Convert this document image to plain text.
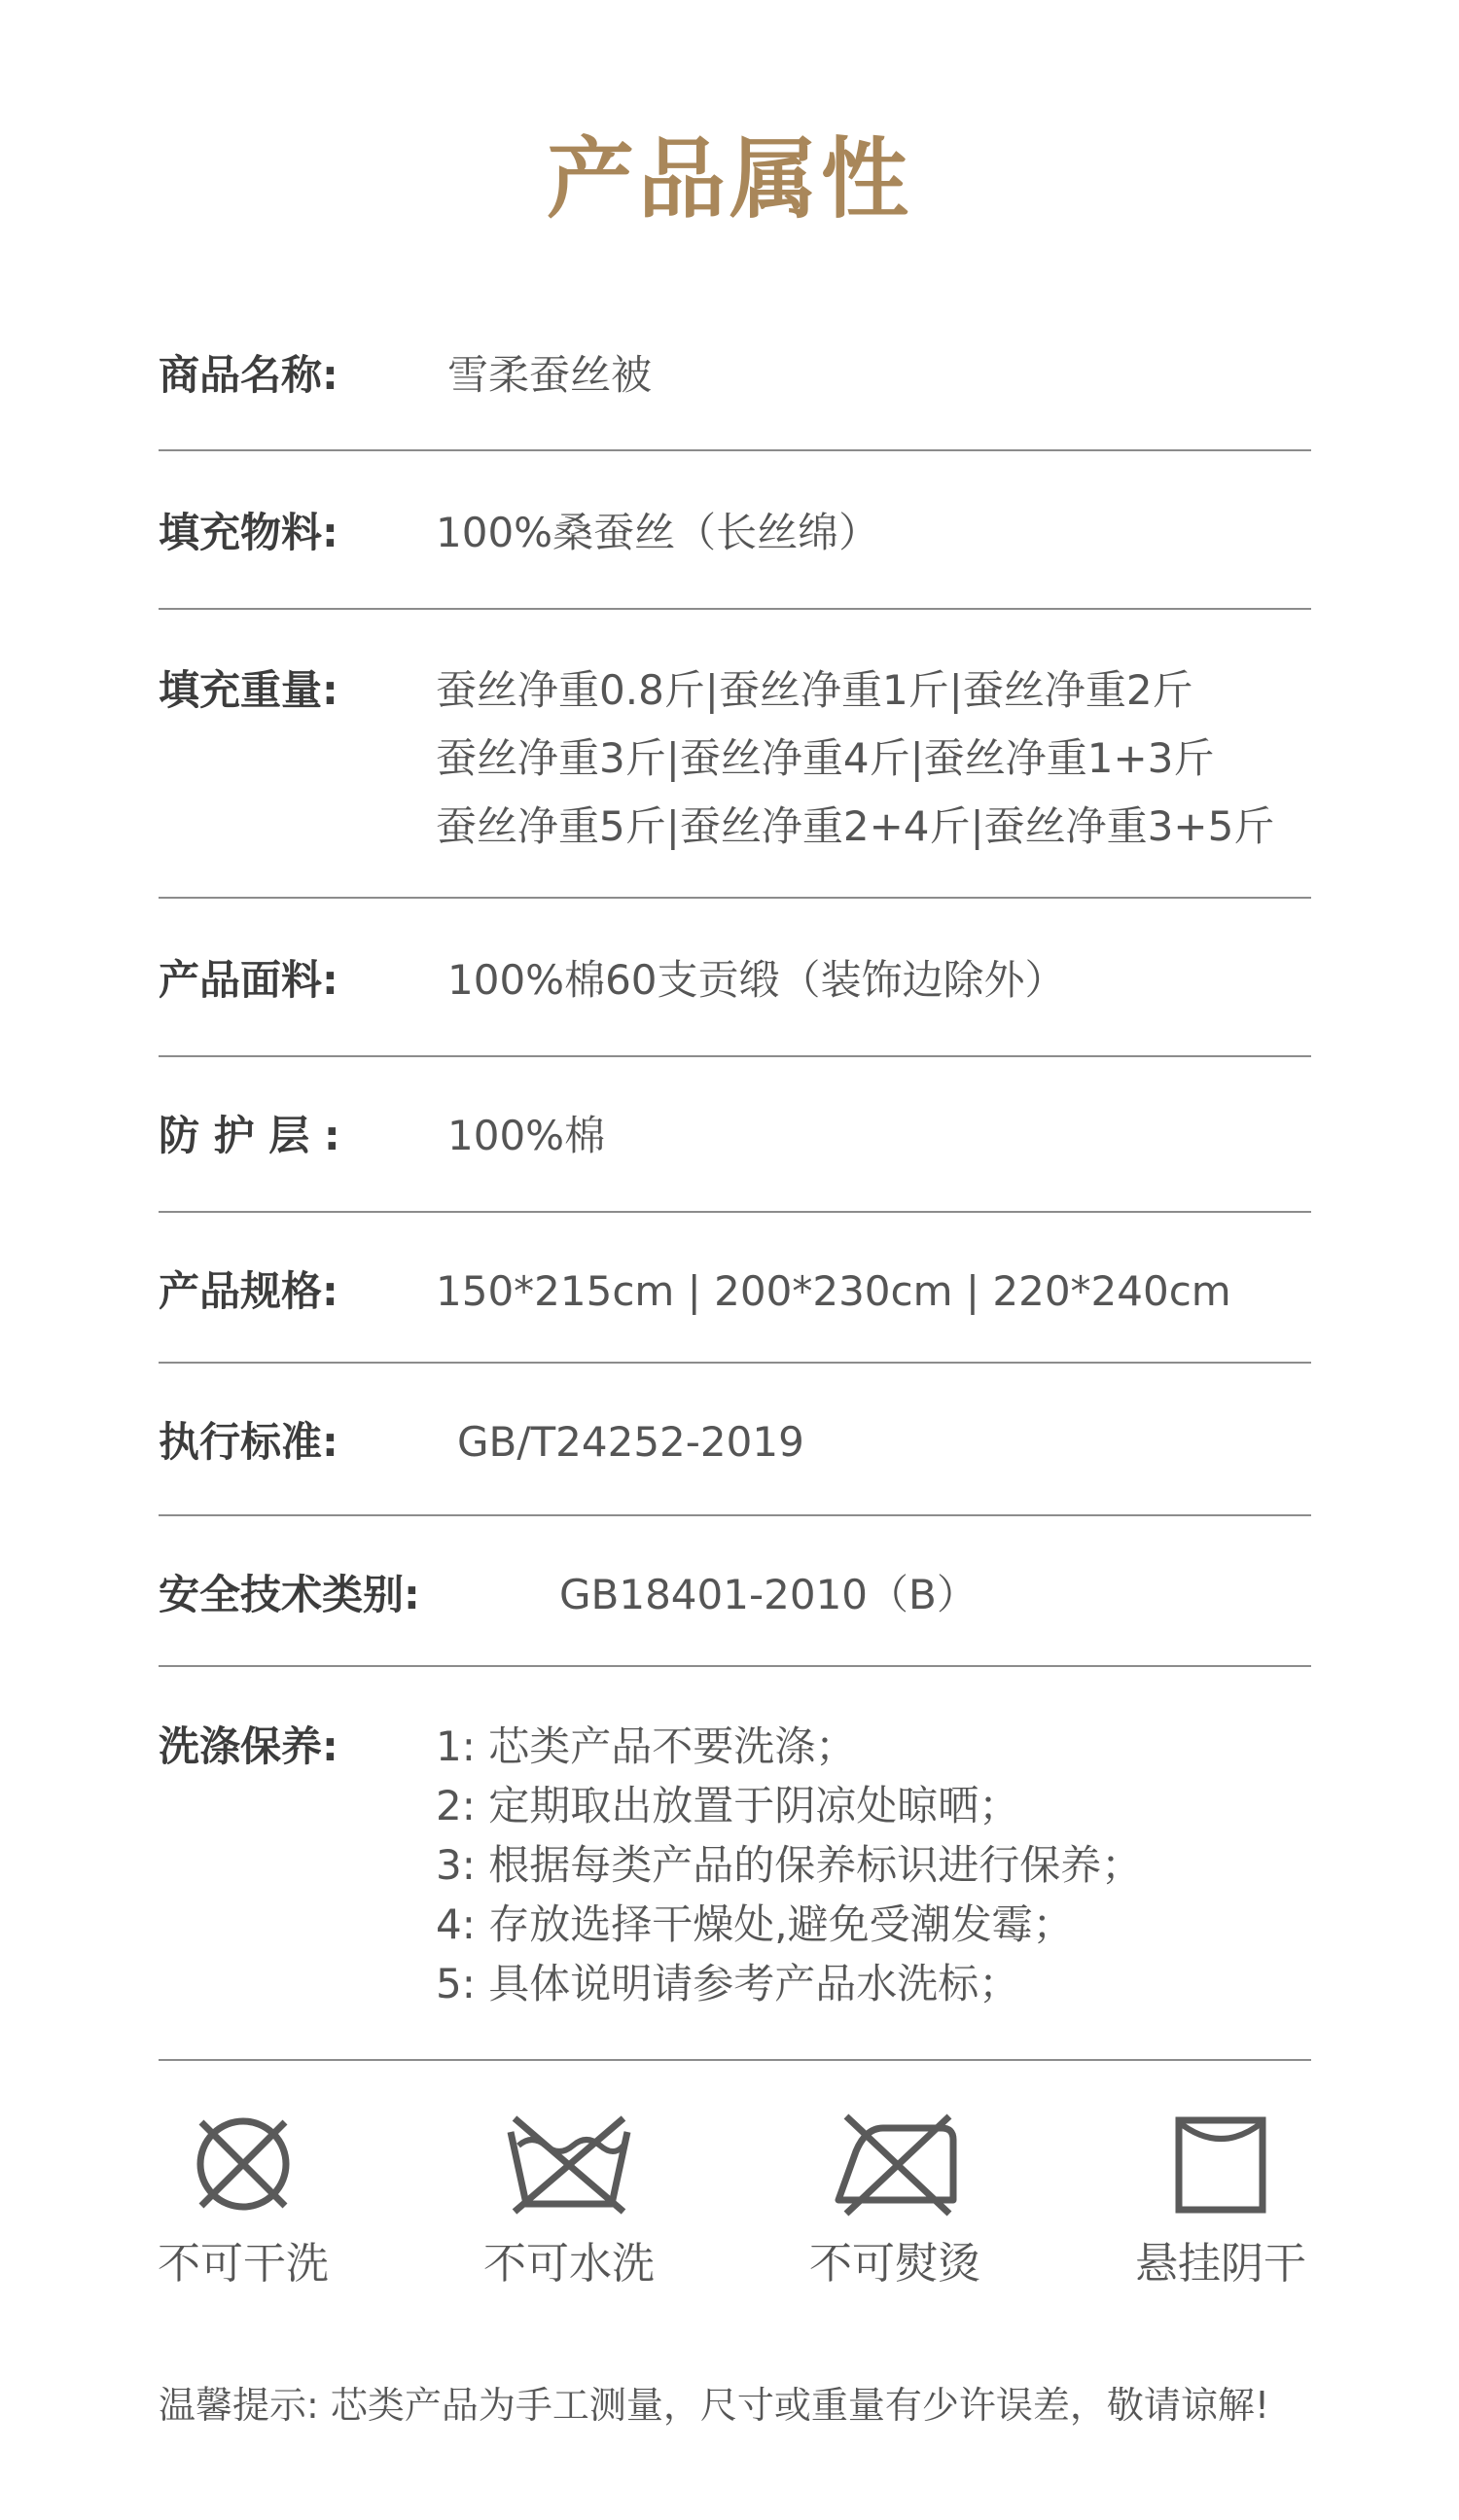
产品属性
商品名称:	雪柔蚕丝被
填充物料: 100%桑蚕丝（长丝绵）
填充重量: 蚕丝净重0.8斤|蚕丝净重1斤|蚕丝净重2斤
蚕丝净重3斤|蚕丝净重4斤|蚕丝净重1+3斤
蚕丝净重5斤|蚕丝净重2+4斤|蚕丝净重3+5斤
产品面料:	100%棉60支贡缎（装饰边除外）
防 护 层 :	100%棉
产品规格: 150*215cm | 200*230cm | 220*240cm
执行标准:	GB/T24252-2019
安全技术类别:	GB18401-2010（B）
洗涤保养: 1: 芯类产品不要洗涤；
2: 定期取出放置于阴凉处晾晒；
3: 根据每类产品的保养标识进行保养；
4: 存放选择干燥处,避免受潮发霉；
5: 具体说明请参考产品水洗标；
不可干洗	不可水洗	不可熨烫	悬挂阴干
温馨提示: 芯类产品为手工测量，尺寸或重量有少许误差，敬请谅解!
